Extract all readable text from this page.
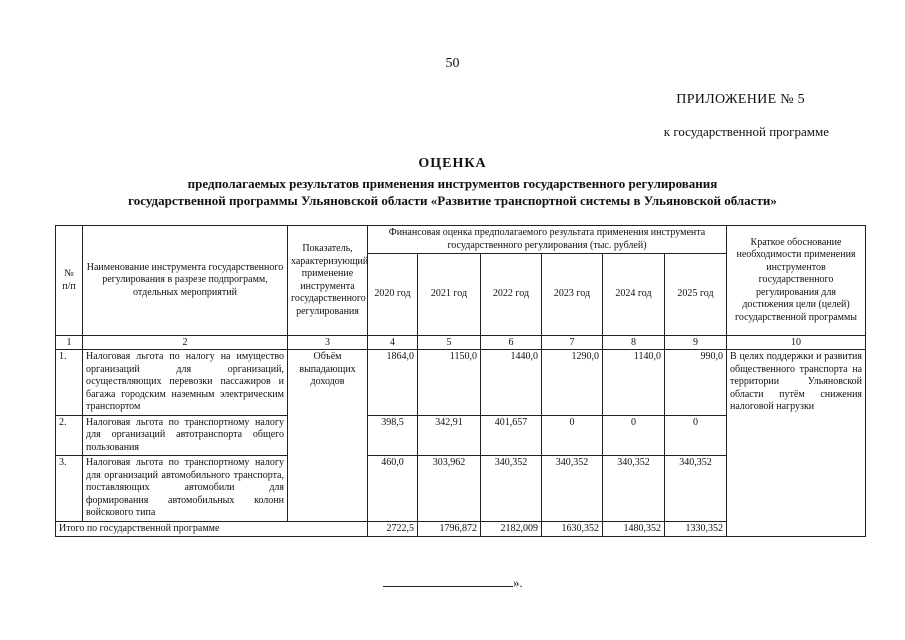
50
ПРИЛОЖЕНИЕ № 5
к государственной программе
ОЦЕНКА
предполагаемых результатов применения инструментов государственного регулирования
государственной программы Ульяновской области «Развитие транспортной системы в Ульяновской области»
№ п/п	Наименование инструмента государственного регулирования в разрезе подпрограмм, отдельных мероприятий	Показатель, характеризующий применение инструмента государственного регулирования	Финансовая оценка предполагаемого результата применения инструмента государственного регулирования (тыс. рублей)						Краткое обоснование необходимости применения инструментов государственного регулирования для достижения цели (целей) государственной программы
			2020 год	2021 год	2022 год	2023 год	2024 год	2025 год	
1	2	3	4	5	6	7	8	9	10
1.	Налоговая льгота по налогу на имущество организаций для организаций, осуществляющих перевозки пассажиров и багажа городским наземным электрическим транспортом	Объём выпадающих доходов	1864,0	1150,0	1440,0	1290,0	1140,0	990,0	В целях поддержки и развития общественного транспорта на территории Ульяновской области путём снижения налоговой нагрузки
2.	Налоговая льгота по транспортному налогу для организаций автотранспорта общего пользования		398,5	342,91	401,657	0	0	0	
3.	Налоговая льгота по транспортному налогу для организаций автомобильного транспорта, поставляющих автомобили для формирования автомобильных колонн войскового типа		460,0	303,962	340,352	340,352	340,352	340,352	
Итого по государственной программе			2722,5	1796,872	2182,009	1630,352	1480,352	1330,352	
».
